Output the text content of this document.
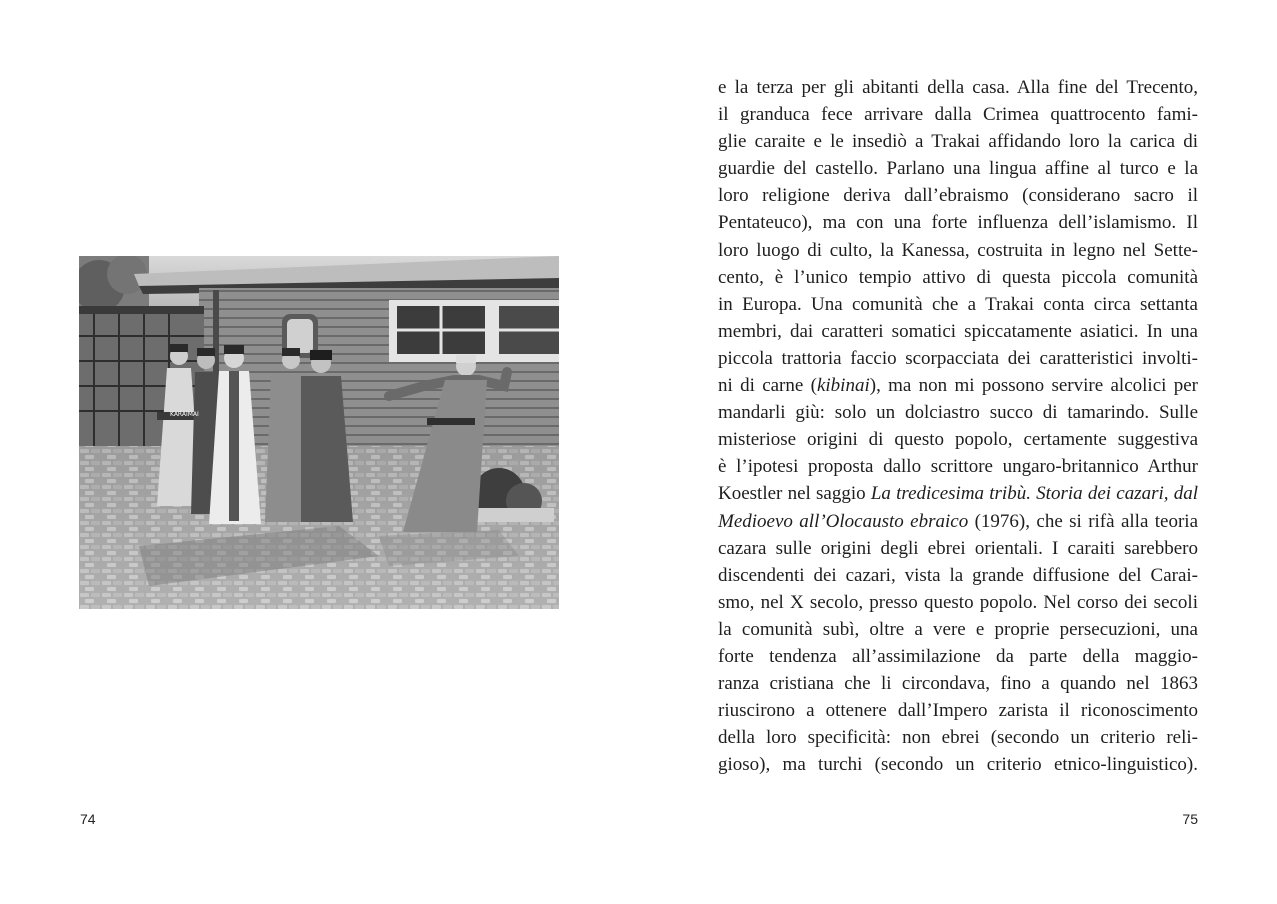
KARAIMAI
74
e la terza per gli abitanti della casa. Alla fine del Trecento,
il granduca fece arrivare dalla Crimea quattrocento fami-
glie caraite e le insediò a Trakai affidando loro la carica di
guardie del castello. Parlano una lingua affine al turco e la
loro religione deriva dall’ebraismo (considerano sacro il
Pentateuco), ma con una forte influenza dell’islamismo. Il
loro luogo di culto, la Kanessa, costruita in legno nel Sette-
cento, è l’unico tempio attivo di questa piccola comunità
in Europa. Una comunità che a Trakai conta circa settanta
membri, dai caratteri somatici spiccatamente asiatici. In una
piccola trattoria faccio scorpacciata dei caratteristici involti-
ni di carne (kibinai), ma non mi possono servire alcolici per
mandarli giù: solo un dolciastro succo di tamarindo. Sulle
misteriose origini di questo popolo, certamente suggestiva
è l’ipotesi proposta dallo scrittore ungaro-britannico Arthur
Koestler nel saggio La tredicesima tribù. Storia dei cazari, dal
Medioevo all’Olocausto ebraico (1976), che si rifà alla teoria
cazara sulle origini degli ebrei orientali. I caraiti sarebbero
discendenti dei cazari, vista la grande diffusione del Carai-
smo, nel X secolo, presso questo popolo. Nel corso dei secoli
la comunità subì, oltre a vere e proprie persecuzioni, una
forte tendenza all’assimilazione da parte della maggio-
ranza cristiana che li circondava, fino a quando nel 1863
riuscirono a ottenere dall’Impero zarista il riconoscimento
della loro specificità: non ebrei (secondo un criterio reli-
gioso), ma turchi (secondo un criterio etnico-linguistico).
75
